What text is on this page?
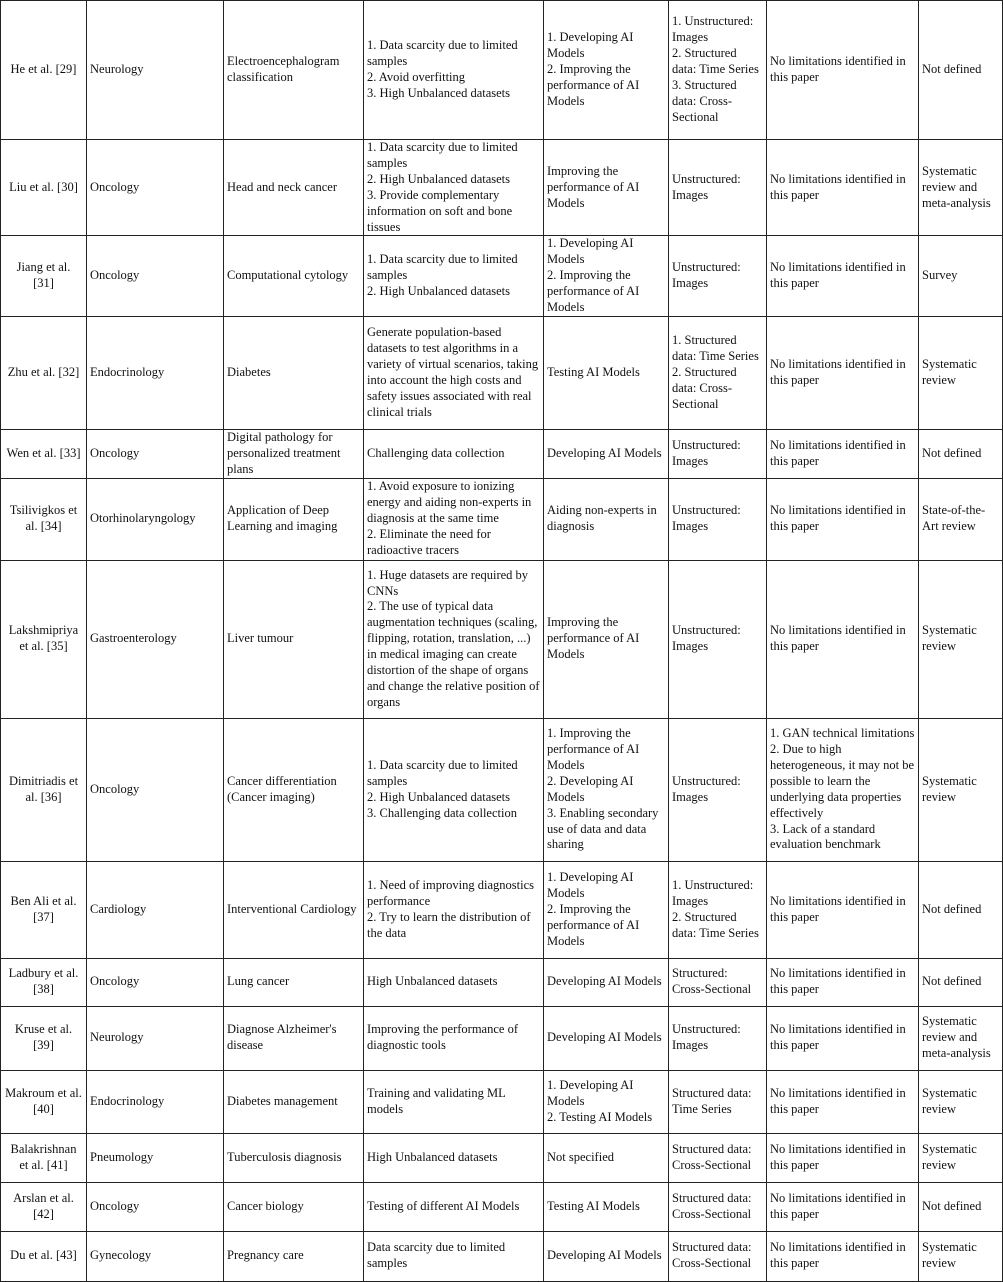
He et al. [29]	Neurology	Electroencephalogram classification	1. Data scarcity due to limited samples
2. Avoid overfitting
3. High Unbalanced datasets	1. Developing AI Models
2. Improving the performance of AI Models	1. Unstructured: Images
2. Structured data: Time Series
3. Structured data: Cross-Sectional	No limitations identified in this paper	Not defined
Liu et al. [30]	Oncology	Head and neck cancer	1. Data scarcity due to limited samples
2. High Unbalanced datasets
3. Provide complementary information on soft and bone tissues	Improving the performance of AI Models	Unstructured: Images	No limitations identified in this paper	Systematic review and meta-analysis
Jiang et al. [31]	Oncology	Computational cytology	1. Data scarcity due to limited samples
2. High Unbalanced datasets	1. Developing AI Models
2. Improving the performance of AI Models	Unstructured: Images	No limitations identified in this paper	Survey
Zhu et al. [32]	Endocrinology	Diabetes	Generate population-based datasets to test algorithms in a variety of virtual scenarios, taking into account the high costs and safety issues associated with real clinical trials	Testing AI Models	1. Structured data: Time Series
2. Structured data: Cross-Sectional	No limitations identified in this paper	Systematic review
Wen et al. [33]	Oncology	Digital pathology for personalized treatment plans	Challenging data collection	Developing AI Models	Unstructured: Images	No limitations identified in this paper	Not defined
Tsilivigkos et al. [34]	Otorhinolaryngology	Application of Deep Learning and imaging	1. Avoid exposure to ionizing energy and aiding non-experts in diagnosis at the same time
2. Eliminate the need for radioactive tracers	Aiding non-experts in diagnosis	Unstructured: Images	No limitations identified in this paper	State-of-the-Art review
Lakshmipriya et al. [35]	Gastroenterology	Liver tumour	1. Huge datasets are required by CNNs
2. The use of typical data augmentation techniques (scaling, flipping, rotation, translation, ...) in medical imaging can create distortion of the shape of organs and change the relative position of organs	Improving the performance of AI Models	Unstructured: Images	No limitations identified in this paper	Systematic review
Dimitriadis et al. [36]	Oncology	Cancer differentiation (Cancer imaging)	1. Data scarcity due to limited samples
2. High Unbalanced datasets
3. Challenging data collection	1. Improving the performance of AI Models
2. Developing AI Models
3. Enabling secondary use of data and data sharing	Unstructured: Images	1. GAN technical limitations
2. Due to high heterogeneous, it may not be possible to learn the underlying data properties effectively
3. Lack of a standard evaluation benchmark	Systematic review
Ben Ali et al. [37]	Cardiology	Interventional Cardiology	1. Need of improving diagnostics performance
2. Try to learn the distribution of the data	1. Developing AI Models
2. Improving the performance of AI Models	1. Unstructured: Images
2. Structured data: Time Series	No limitations identified in this paper	Not defined
Ladbury et al. [38]	Oncology	Lung cancer	High Unbalanced datasets	Developing AI Models	Structured: Cross-Sectional	No limitations identified in this paper	Not defined
Kruse et al. [39]	Neurology	Diagnose Alzheimer's disease	Improving the performance of diagnostic tools	Developing AI Models	Unstructured: Images	No limitations identified in this paper	Systematic review and meta-analysis
Makroum et al. [40]	Endocrinology	Diabetes management	Training and validating ML models	1. Developing AI Models
2. Testing AI Models	Structured data: Time Series	No limitations identified in this paper	Systematic review
Balakrishnan et al. [41]	Pneumology	Tuberculosis diagnosis	High Unbalanced datasets	Not specified	Structured data: Cross-Sectional	No limitations identified in this paper	Systematic review
Arslan et al. [42]	Oncology	Cancer biology	Testing of different AI Models	Testing AI Models	Structured data: Cross-Sectional	No limitations identified in this paper	Not defined
Du et al. [43]	Gynecology	Pregnancy care	Data scarcity due to limited samples	Developing AI Models	Structured data: Cross-Sectional	No limitations identified in this paper	Systematic review
